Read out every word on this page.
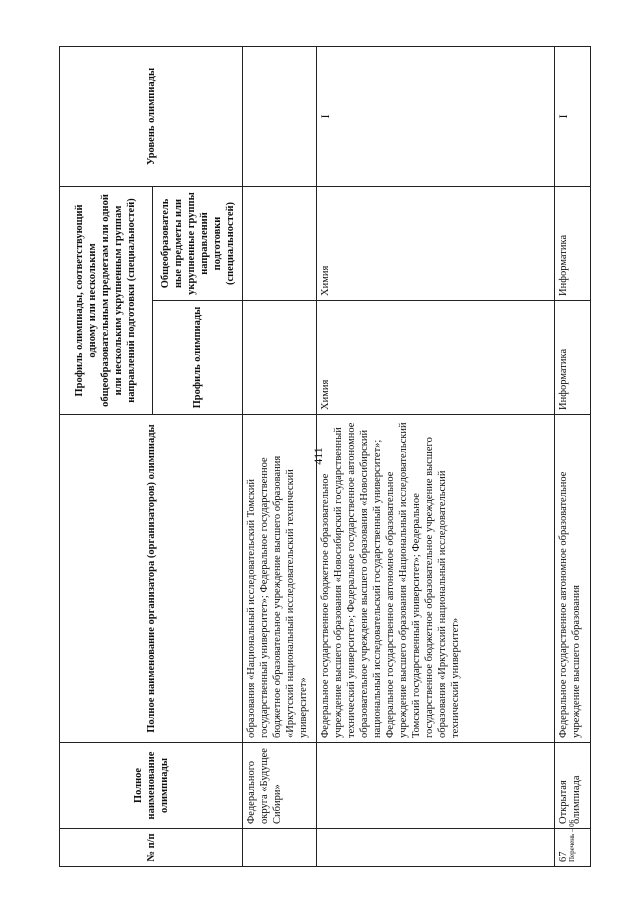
411
№ п/п	Полное наименование олимпиады	Полное наименование организатора (организаторов) олимпиады	Профиль олимпиады, соответствующий одному или нескольким общеобразовательным предметам или одной или нескольким укрупненным группам направлений подготовки (специальностей)		Уровень олимпиады
			Профиль олимпиады	Общеобразователь ные предметы или укрупненные группы направлений подготовки (специальностей)	
	Федерального округа «Будущее Сибири»	образования «Национальный исследовательский Томский государственный университет»; Федеральное государственное бюджетное образовательное учреждение высшего образования «Иркутский национальный исследовательский технический университет»			
		Федеральное государственное бюджетное образовательное учреждение высшего образования «Новосибирский государственный технический университет»; Федеральное государственное автономное образовательное учреждение высшего образования «Новосибирский национальный исследовательский государственный университет»; Федеральное государственное автономное образовательное учреждение высшего образования «Национальный исследовательский Томский государственный университет»; Федеральное государственное бюджетное образовательное учреждение высшего образования «Иркутский национальный исследовательский технический университет»	Химия	Химия	I
67	Открытая олимпиада	Федеральное государственное автономное образовательное учреждение высшего образования	Информатика	Информатика	I
Перечень – 06
